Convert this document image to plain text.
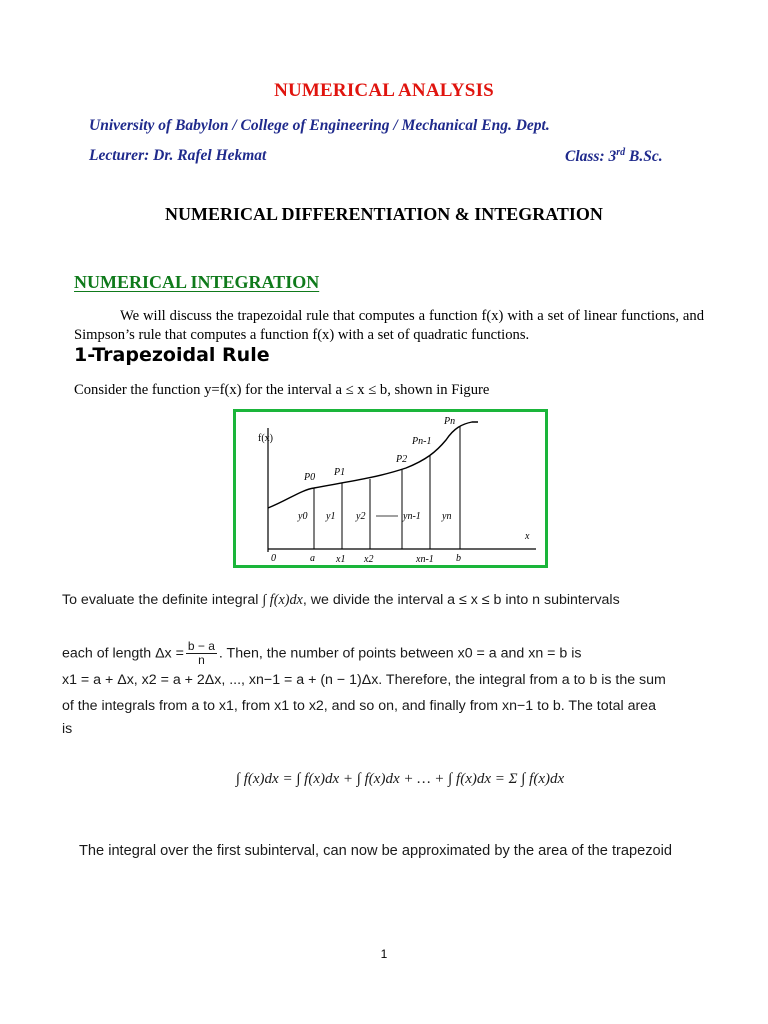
NUMERICAL ANALYSIS
University of Babylon / College of Engineering / Mechanical Eng. Dept.
Lecturer: Dr. Rafel Hekmat	Class: 3rd B.Sc.
NUMERICAL DIFFERENTIATION & INTEGRATION
NUMERICAL INTEGRATION
We will discuss the trapezoidal rule that computes a function f(x) with a set of linear functions, and Simpson’s rule that computes a function f(x) with a set of quadratic functions.
1-Trapezoidal Rule
Consider the function y=f(x) for the interval a ≤ x ≤ b, shown in Figure
f(x)
x
0
P0 P1
P2
Pn-1
Pn
y0 y1 y2	yn-1 yn
a x1 x2	xn-1 b
To evaluate the definite integral ∫ f(x)dx, we divide the interval a ≤ x ≤ b into n subintervals
each of length $\Delta x = \frac{b - a}{n}$ . Then, the number of points between x0 = a and xn = b is
x1 = a + Δx, x2 = a + 2Δx, ..., xn−1 = a + (n − 1)Δx. Therefore, the integral from a to b is the sum
of the integrals from a to x1, from x1 to x2, and so on, and finally from xn−1 to b. The total area
is
∫ f(x)dx = ∫ f(x)dx + ∫ f(x)dx + … + ∫ f(x)dx = Σ ∫ f(x)dx
The integral over the first subinterval, can now be approximated by the area of the trapezoid
1
